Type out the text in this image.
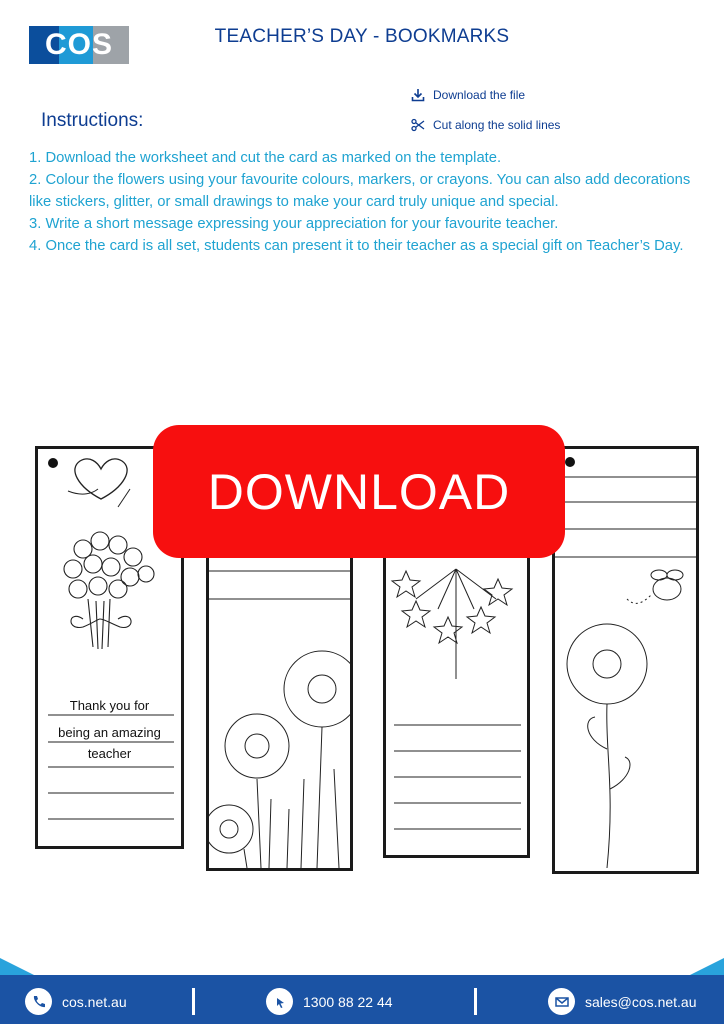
COS	TEACHER’S DAY - BOOKMARKS
Instructions:
Download the file
Cut along the solid lines

1. Download the worksheet and cut the card as marked on the template.

2. Colour the flowers using your favourite colours, markers, or crayons. You can also add decorations like stickers, glitter, or small drawings to make your card truly unique and special.

3. Write a short message expressing your appreciation for your favourite teacher.

4. Once the card is all set, students can present it to their teacher as a special gift on Teacher’s Day.

Thank you for
being an amazing
teacher
DOWNLOAD
cos.net.au	1300 88 22 44	sales@cos.net.au
